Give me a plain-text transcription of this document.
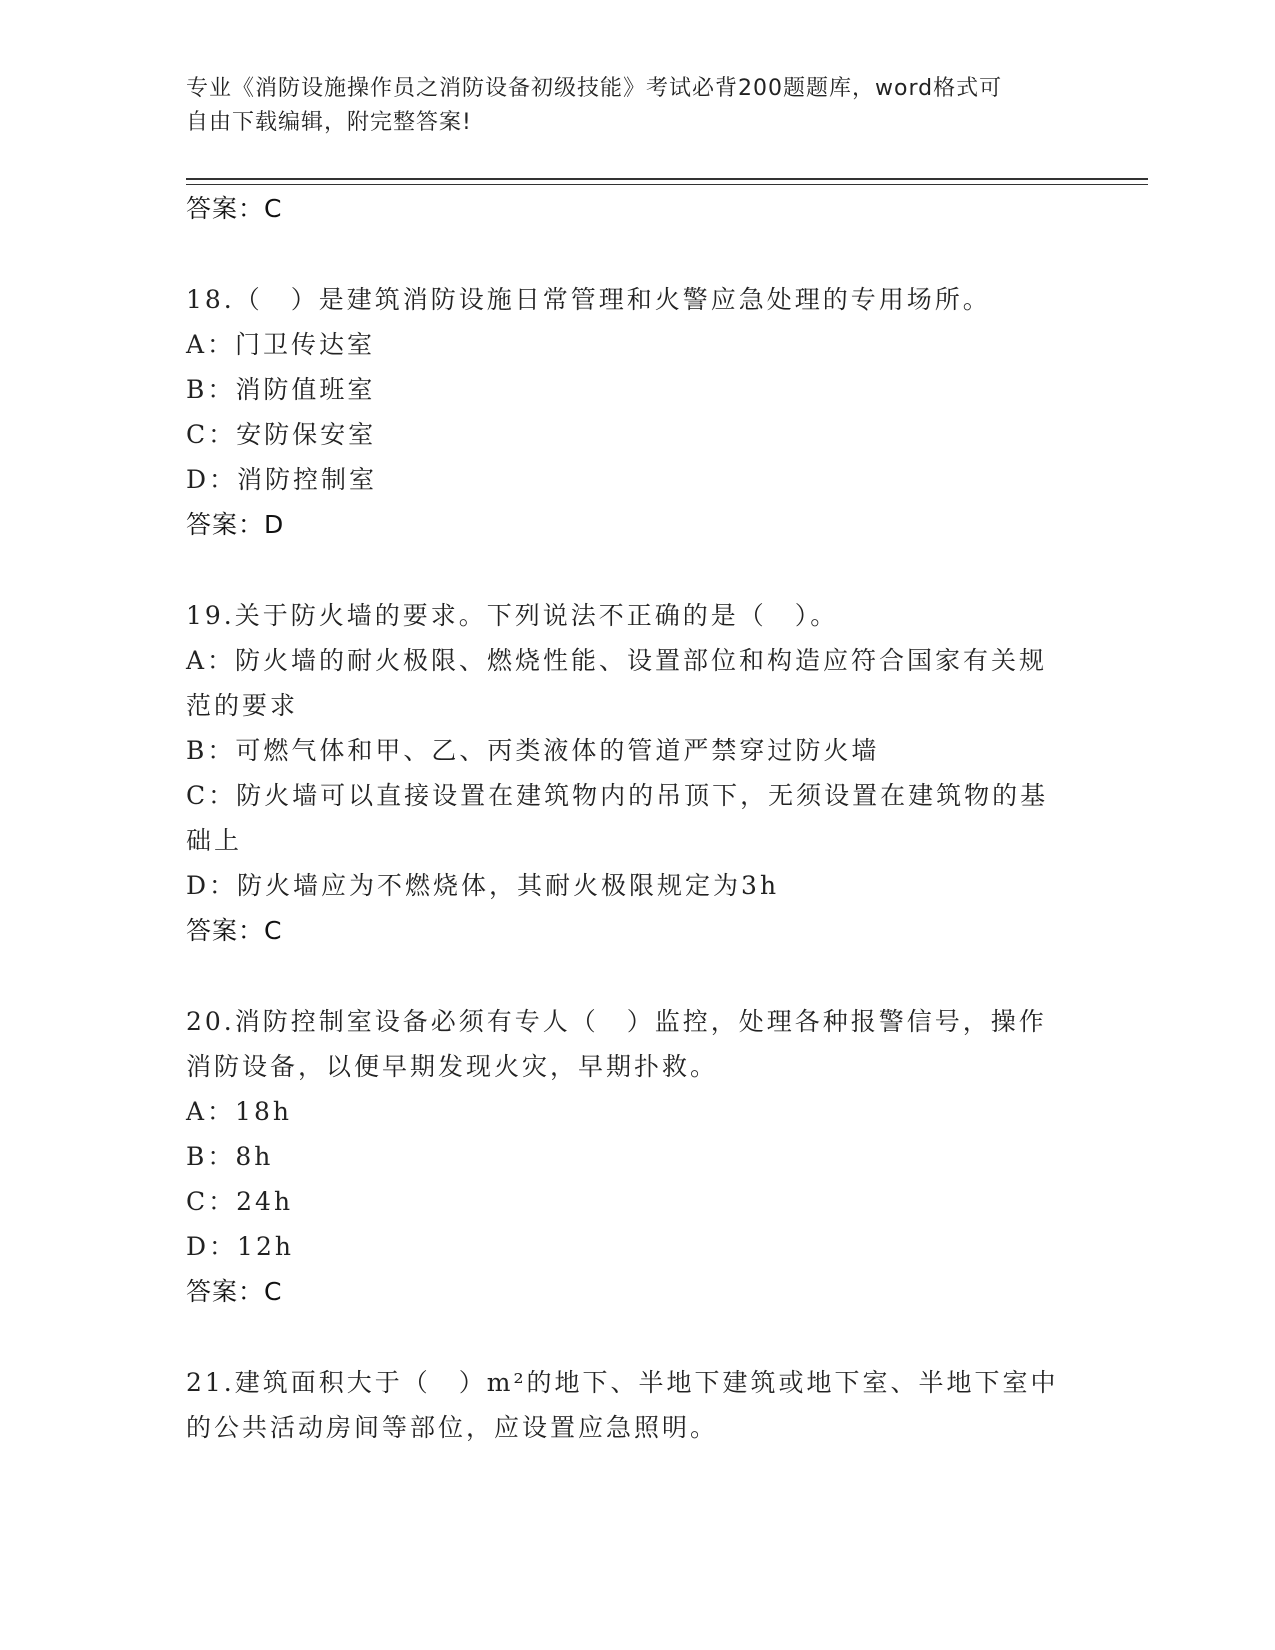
专业《消防设施操作员之消防设备初级技能》考试必背200题题库，word格式可
自由下载编辑，附完整答案!
答案：C
18.（　）是建筑消防设施日常管理和火警应急处理的专用场所。
A：门卫传达室
B：消防值班室
C：安防保安室
D：消防控制室
答案：D
19.关于防火墙的要求。下列说法不正确的是（　）。
A：防火墙的耐火极限、燃烧性能、设置部位和构造应符合国家有关规范的要求
B：可燃气体和甲、乙、丙类液体的管道严禁穿过防火墙
C：防火墙可以直接设置在建筑物内的吊顶下，无须设置在建筑物的基础上
D：防火墙应为不燃烧体，其耐火极限规定为3h
答案：C
20.消防控制室设备必须有专人（　）监控，处理各种报警信号，操作消防设备，以便早期发现火灾，早期扑救。
A：18h
B：8h
C：24h
D：12h
答案：C
21.建筑面积大于（　）m²的地下、半地下建筑或地下室、半地下室中的公共活动房间等部位，应设置应急照明。
